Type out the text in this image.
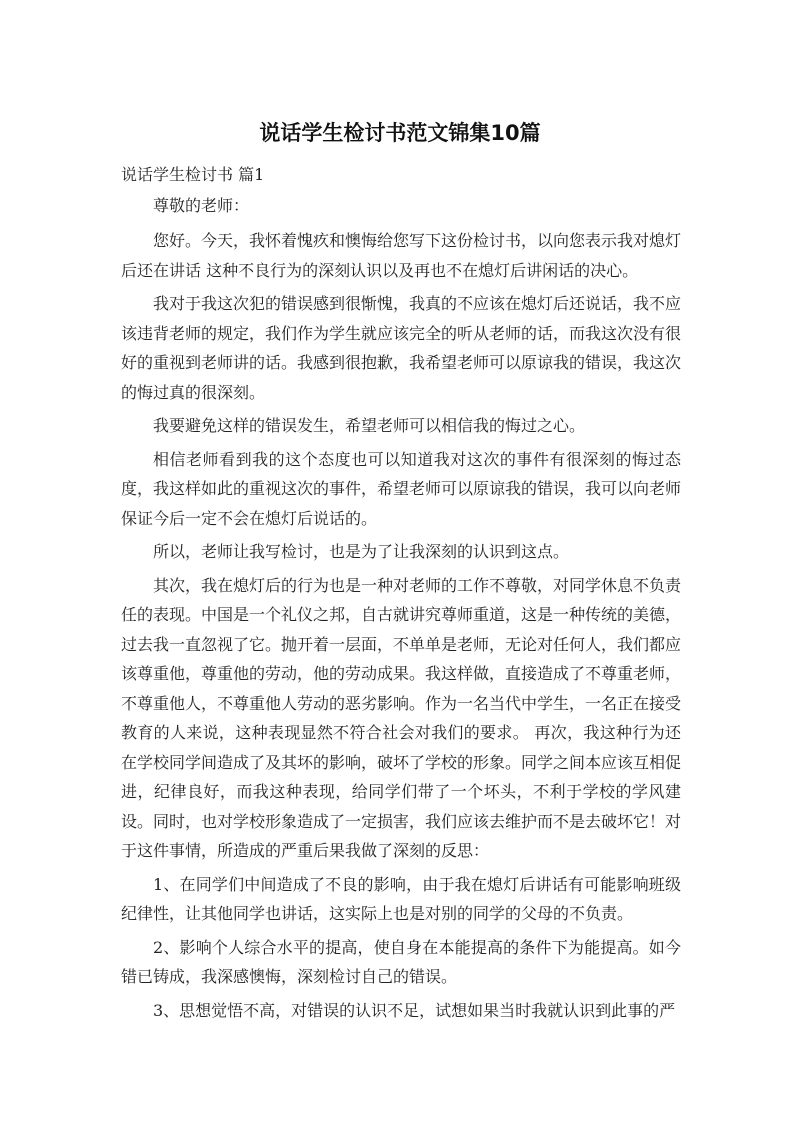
说话学生检讨书范文锦集10篇

说话学生检讨书 篇1

尊敬的老师：

您好。今天，我怀着愧疚和懊悔给您写下这份检讨书，以向您表示我对熄灯后还在讲话 这种不良行为的深刻认识以及再也不在熄灯后讲闲话的决心。

我对于我这次犯的错误感到很惭愧，我真的不应该在熄灯后还说话，我不应该违背老师的规定，我们作为学生就应该完全的听从老师的话，而我这次没有很好的重视到老师讲的话。我感到很抱歉，我希望老师可以原谅我的错误，我这次的悔过真的很深刻。

我要避免这样的错误发生，希望老师可以相信我的悔过之心。

相信老师看到我的这个态度也可以知道我对这次的事件有很深刻的悔过态度，我这样如此的重视这次的事件，希望老师可以原谅我的错误，我可以向老师保证今后一定不会在熄灯后说话的。

所以，老师让我写检讨，也是为了让我深刻的认识到这点。

其次，我在熄灯后的行为也是一种对老师的工作不尊敬，对同学休息不负责任的表现。中国是一个礼仪之邦，自古就讲究尊师重道，这是一种传统的美德，过去我一直忽视了它。抛开着一层面，不单单是老师，无论对任何人，我们都应该尊重他，尊重他的劳动，他的劳动成果。我这样做，直接造成了不尊重老师，不尊重他人，不尊重他人劳动的恶劣影响。作为一名当代中学生，一名正在接受教育的人来说，这种表现显然不符合社会对我们的要求。 再次，我这种行为还在学校同学间造成了及其坏的影响，破坏了学校的形象。同学之间本应该互相促进，纪律良好，而我这种表现，给同学们带了一个坏头，不利于学校的学风建设。同时，也对学校形象造成了一定损害，我们应该去维护而不是去破坏它！对于这件事情，所造成的严重后果我做了深刻的反思：

1、在同学们中间造成了不良的影响，由于我在熄灯后讲话有可能影响班级纪律性，让其他同学也讲话，这实际上也是对别的同学的父母的不负责。

2、影响个人综合水平的提高，使自身在本能提高的条件下为能提高。如今错已铸成，我深感懊悔，深刻检讨自己的错误。

3、思想觉悟不高，对错误的认识不足，试想如果当时我就认识到此事的严
